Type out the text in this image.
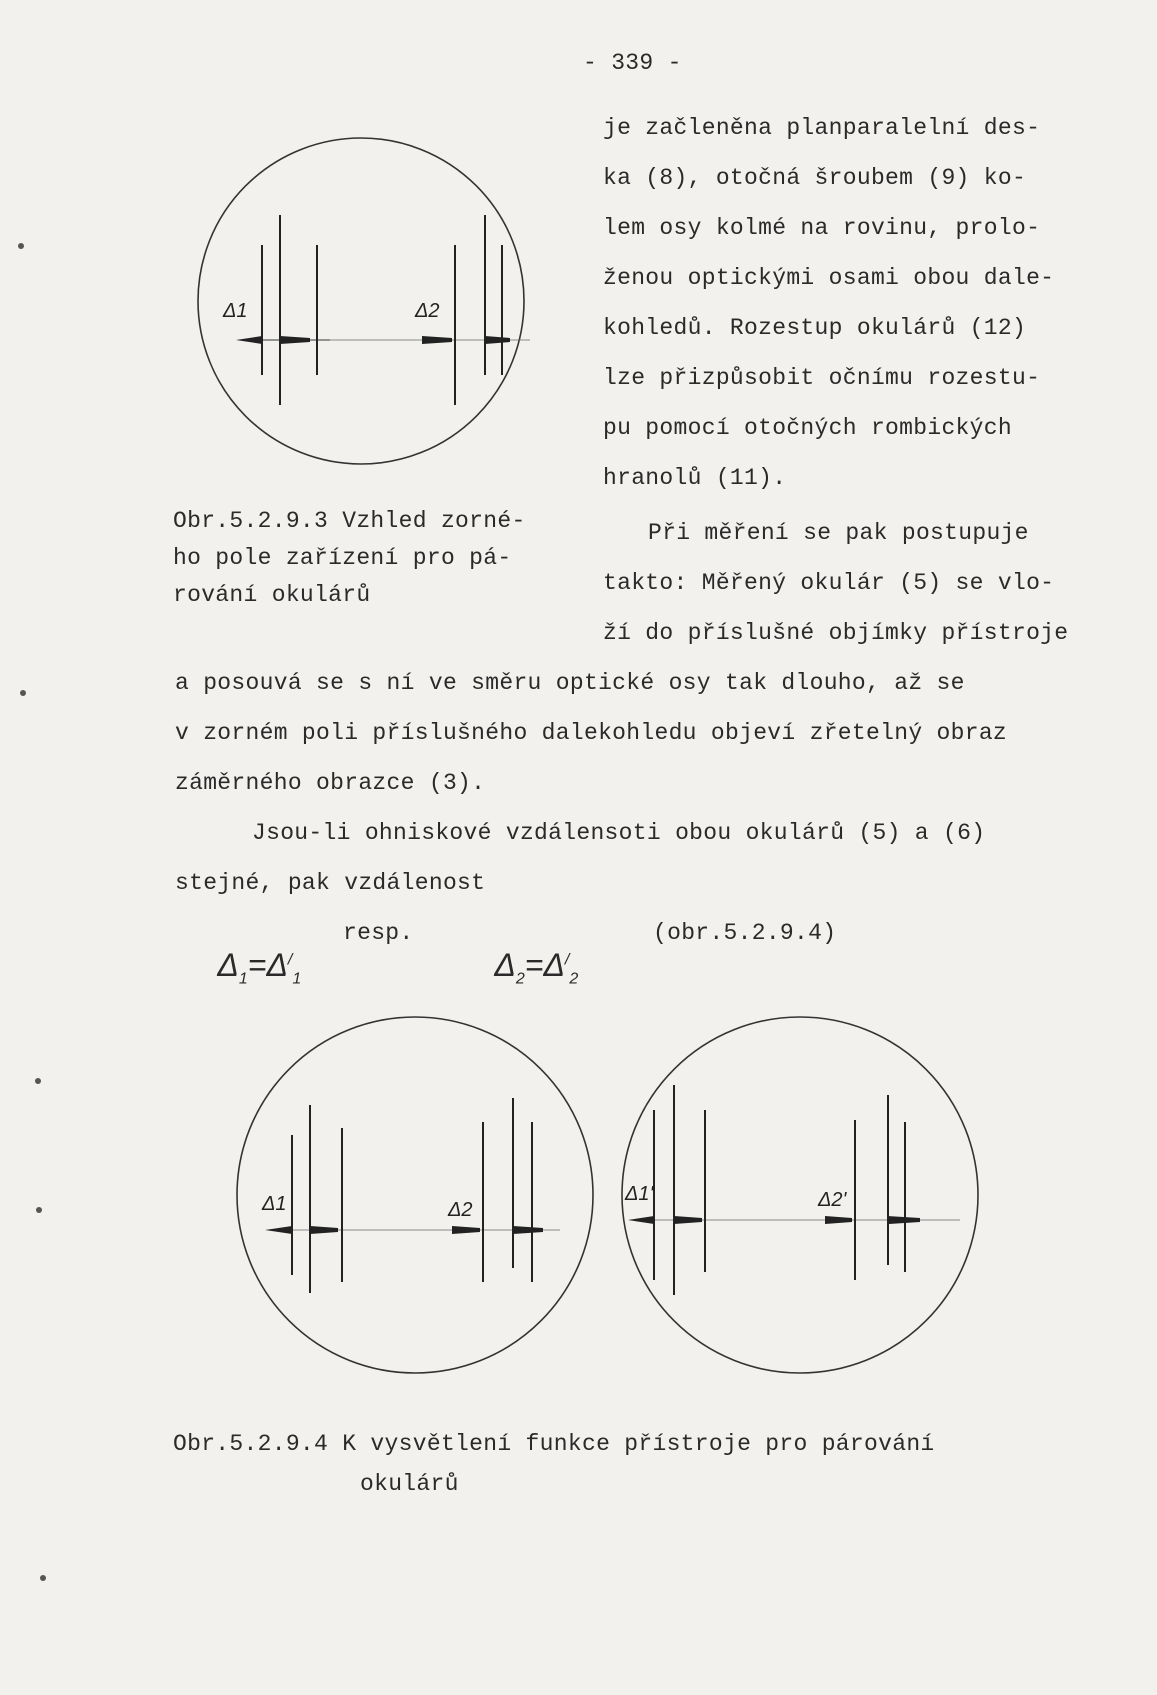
- 339 -
Δ1	Δ2
je začleněna planparalelní des-
ka (8), otočná šroubem (9) ko-
lem osy kolmé na rovinu, prolo-
ženou optickými osami obou dale-
kohledů. Rozestup okulárů (12)
lze přizpůsobit očnímu rozestu-
pu pomocí otočných rombických
hranolů (11).
Obr.5.2.9.3 Vzhled zorné-
ho pole zařízení pro pá-
rování okulárů
Při měření se pak postupuje
takto: Měřený okulár (5) se vlo-
ží do příslušné objímky přístroje
a posouvá se s ní ve směru optické osy tak dlouho, až se
v zorném poli příslušného dalekohledu objeví zřetelný obraz
záměrného obrazce (3).
Jsou-li ohniskové vzdálensoti obou okulárů (5) a (6)
stejné, pak vzdálenost

$\Delta_1=\Delta^/_1$

resp.

$\Delta_2=\Delta^/_2$

(obr.5.2.9.4)
Δ1	Δ2
Δ1'	Δ2'
Obr.5.2.9.4 K vysvětlení funkce přístroje pro párování
okulárů
